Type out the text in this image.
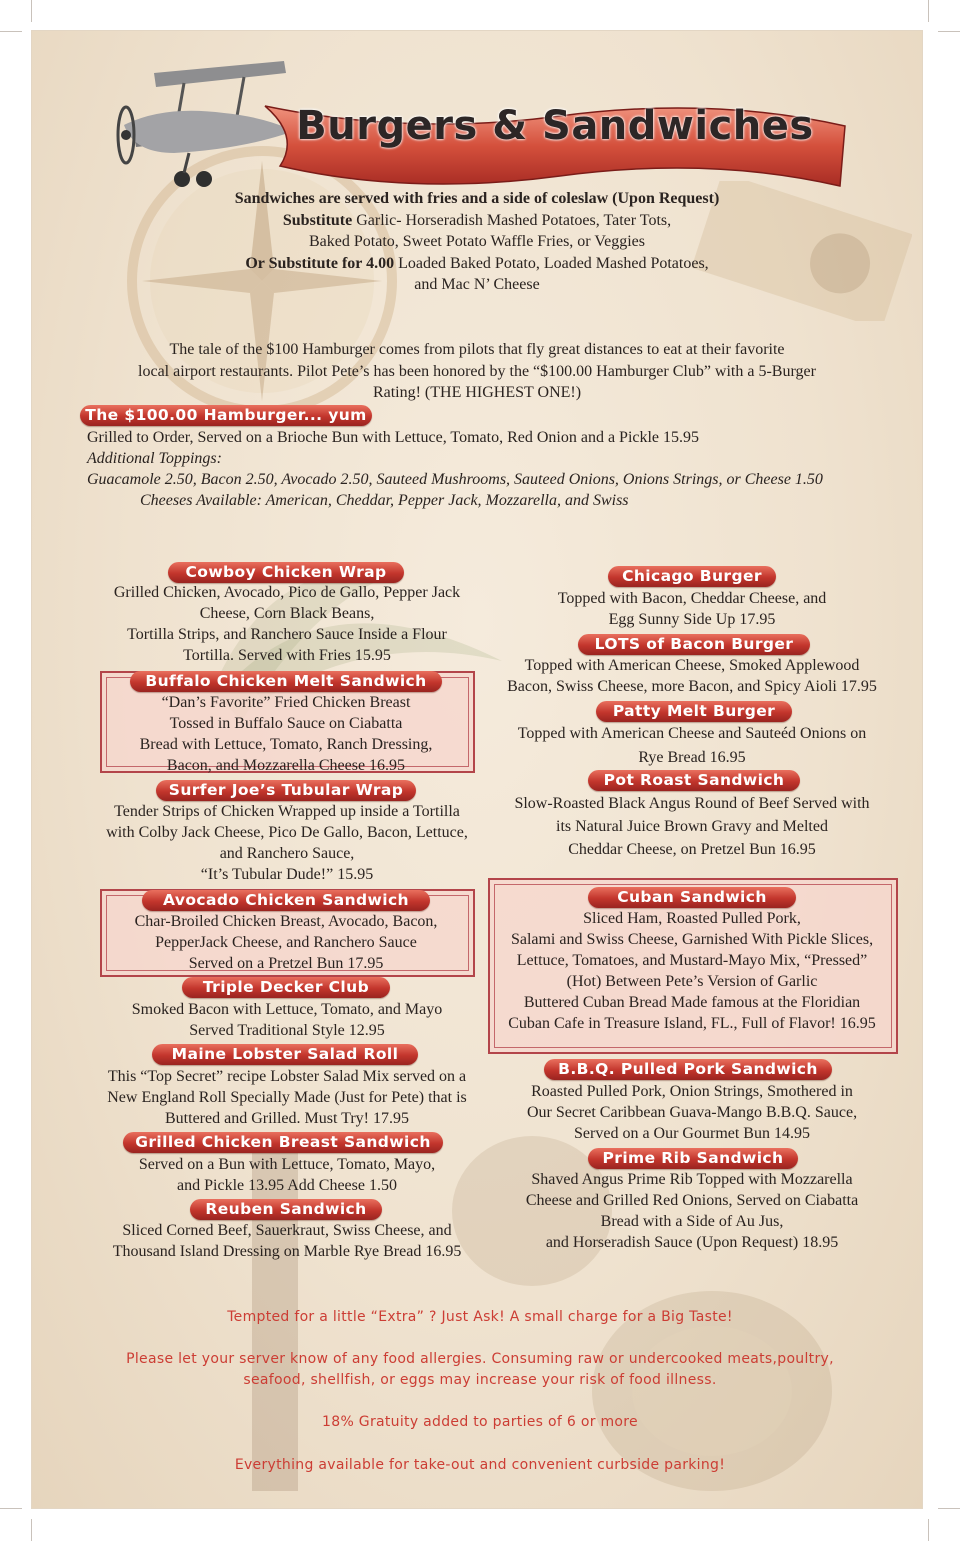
Burgers & Sandwiches
Sandwiches are served with fries and a side of coleslaw (Upon Request)
Substitute Garlic- Horseradish Mashed Potatoes, Tater Tots,
Baked Potato, Sweet Potato Waffle Fries, or Veggies
Or Substitute for 4.00 Loaded Baked Potato, Loaded Mashed Potatoes,
and Mac N’ Cheese
The tale of the $100 Hamburger comes from pilots that fly great distances to eat at their favorite
local airport restaurants. Pilot Pete’s has been honored by the “$100.00 Hamburger Club” with a 5-Burger
Rating! (THE HIGHEST ONE!)
The $100.00 Hamburger... yum
Grilled to Order, Served on a Brioche Bun with Lettuce, Tomato, Red Onion and a Pickle 15.95
Additional Toppings:
Guacamole 2.50, Bacon 2.50, Avocado 2.50, Sauteed Mushrooms, Sauteed Onions, Onions Strings, or Cheese 1.50
Cheeses Available: American, Cheddar, Pepper Jack, Mozzarella, and Swiss
Cowboy Chicken Wrap
Grilled Chicken, Avocado, Pico de Gallo, Pepper Jack
Cheese, Corn Black Beans,
Tortilla Strips, and Ranchero Sauce Inside a Flour
Tortilla. Served with Fries 15.95
Buffalo Chicken Melt Sandwich
“Dan’s Favorite” Fried Chicken Breast
Tossed in Buffalo Sauce on Ciabatta
Bread with Lettuce, Tomato, Ranch Dressing,
Bacon, and Mozzarella Cheese 16.95
Surfer Joe’s Tubular Wrap
Tender Strips of Chicken Wrapped up inside a Tortilla
with Colby Jack Cheese, Pico De Gallo, Bacon, Lettuce,
and Ranchero Sauce,
“It’s Tubular Dude!” 15.95
Avocado Chicken Sandwich
Char-Broiled Chicken Breast, Avocado, Bacon,
PepperJack Cheese, and Ranchero Sauce
Served on a Pretzel Bun 17.95
Triple Decker Club
Smoked Bacon with Lettuce, Tomato, and Mayo
Served Traditional Style 12.95
Maine Lobster Salad Roll
This “Top Secret” recipe Lobster Salad Mix served on a
New England Roll Specially Made (Just for Pete) that is
Buttered and Grilled. Must Try! 17.95
Grilled Chicken Breast Sandwich
Served on a Bun with Lettuce, Tomato, Mayo,
and Pickle 13.95 Add Cheese 1.50
Reuben Sandwich
Sliced Corned Beef, Sauerkraut, Swiss Cheese, and
Thousand Island Dressing on Marble Rye Bread 16.95
Chicago Burger
Topped with Bacon, Cheddar Cheese, and
Egg Sunny Side Up 17.95
LOTS of Bacon Burger
Topped with American Cheese, Smoked Applewood
Bacon, Swiss Cheese, more Bacon, and Spicy Aioli 17.95
Patty Melt Burger
Topped with American Cheese and Sauteéd Onions on
Rye Bread 16.95
Pot Roast Sandwich
Slow-Roasted Black Angus Round of Beef Served with
its Natural Juice Brown Gravy and Melted
Cheddar Cheese, on Pretzel Bun 16.95
Cuban Sandwich
Sliced Ham, Roasted Pulled Pork,
Salami and Swiss Cheese, Garnished With Pickle Slices,
Lettuce, Tomatoes, and Mustard-Mayo Mix, “Pressed”
(Hot) Between Pete’s Version of Garlic
Buttered Cuban Bread Made famous at the Floridian
Cuban Cafe in Treasure Island, FL., Full of Flavor! 16.95
B.B.Q. Pulled Pork Sandwich
Roasted Pulled Pork, Onion Strings, Smothered in
Our Secret Caribbean Guava-Mango B.B.Q. Sauce,
Served on a Our Gourmet Bun 14.95
Prime Rib Sandwich
Shaved Angus Prime Rib Topped with Mozzarella
Cheese and Grilled Red Onions, Served on Ciabatta
Bread with a Side of Au Jus,
and Horseradish Sauce (Upon Request) 18.95
Tempted for a little “Extra” ? Just Ask! A small charge for a Big Taste!
Please let your server know of any food allergies. Consuming raw or undercooked meats,poultry,
seafood, shellfish, or eggs may increase your risk of food illness.
18% Gratuity added to parties of 6 or more
Everything available for take-out and convenient curbside parking!
